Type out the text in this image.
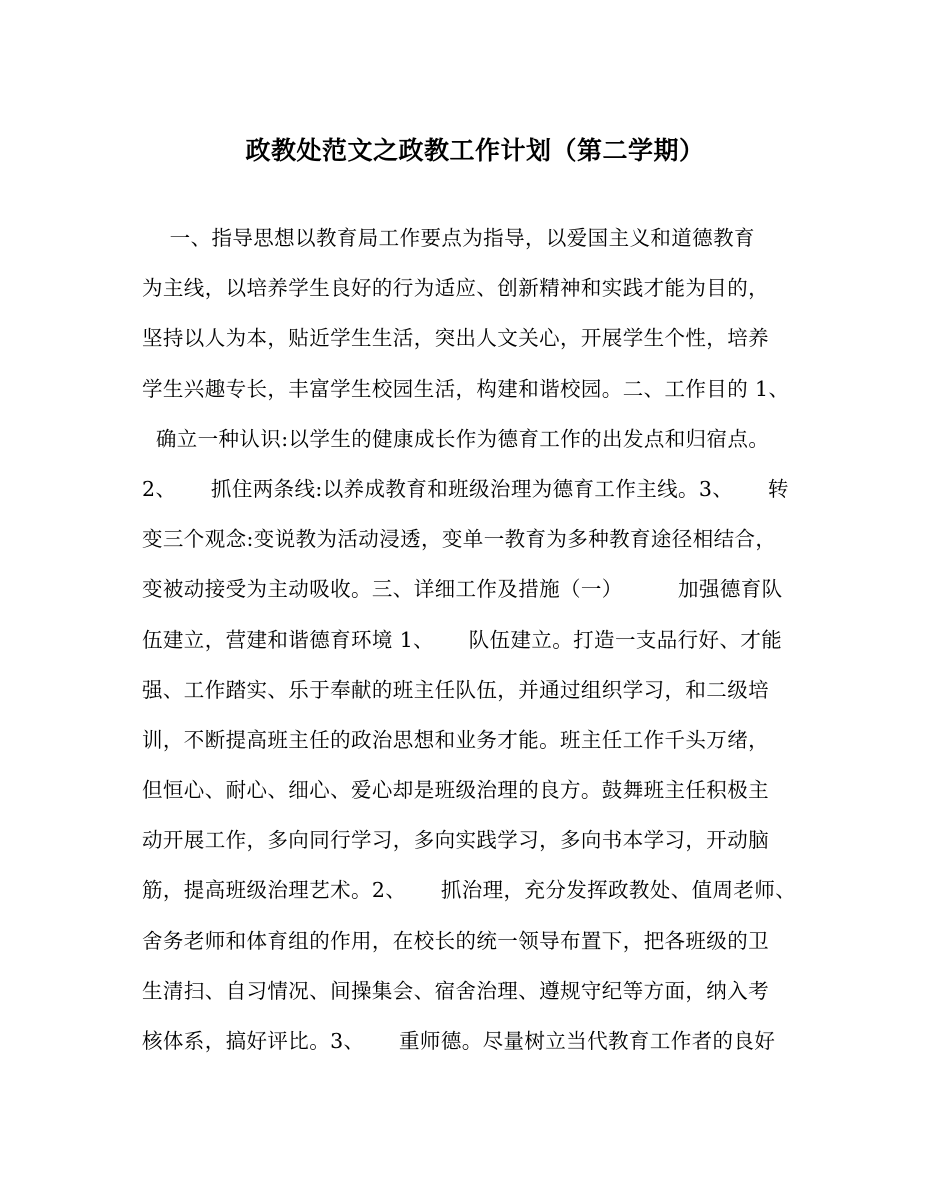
政教处范文之政教工作计划（第二学期）
一、指导思想以教育局工作要点为指导，以爱国主义和道德教育
为主线，以培养学生良好的行为适应、创新精神和实践才能为目的，
坚持以人为本，贴近学生生活，突出人文关心，开展学生个性，培养
学生兴趣专长，丰富学生校园生活，构建和谐校园。二、工作目的 1、
确立一种认识:以学生的健康成长作为德育工作的出发点和归宿点。
2、     抓住两条线:以养成教育和班级治理为德育工作主线。3、     转
变三个观念:变说教为活动浸透，变单一教育为多种教育途径相结合，
变被动接受为主动吸收。三、详细工作及措施（一）        加强德育队
伍建立，营建和谐德育环境 1、     队伍建立。打造一支品行好、才能
强、工作踏实、乐于奉献的班主任队伍，并通过组织学习，和二级培
训，不断提高班主任的政治思想和业务才能。班主任工作千头万绪，
但恒心、耐心、细心、爱心却是班级治理的良方。鼓舞班主任积极主
动开展工作，多向同行学习，多向实践学习，多向书本学习，开动脑
筋，提高班级治理艺术。2、     抓治理，充分发挥政教处、值周老师、
舍务老师和体育组的作用，在校长的统一领导布置下，把各班级的卫
生清扫、自习情况、间操集会、宿舍治理、遵规守纪等方面，纳入考
核体系，搞好评比。3、     重师德。尽量树立当代教育工作者的良好
